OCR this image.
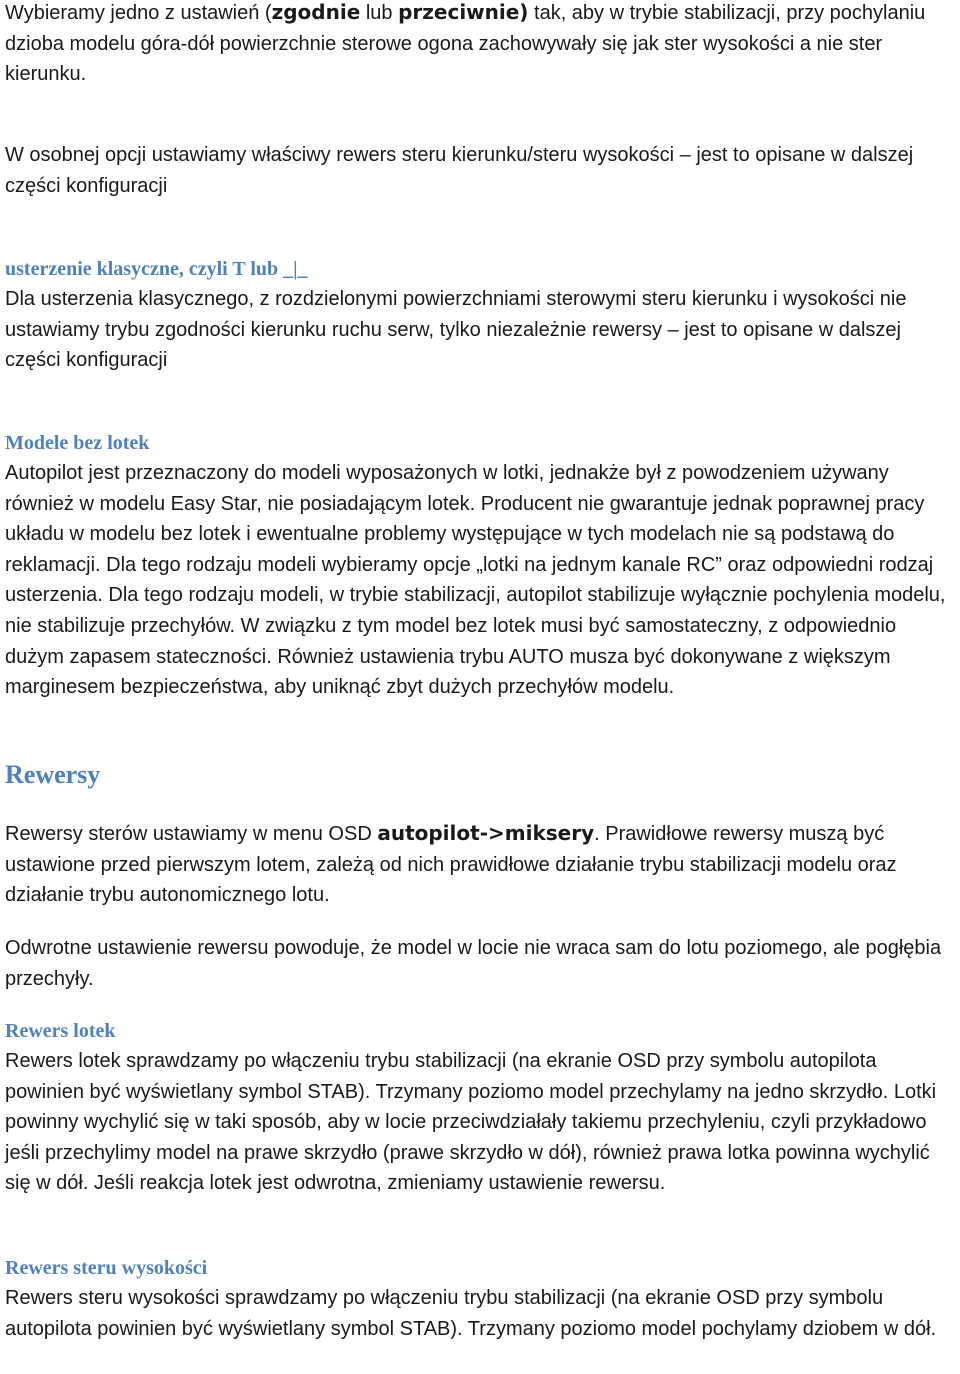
Wybieramy jedno z ustawień (zgodnie lub przeciwnie) tak, aby w trybie stabilizacji, przy pochylaniu dzioba modelu góra-dół powierzchnie sterowe ogona zachowywały się jak ster wysokości a nie ster kierunku.

W osobnej opcji ustawiamy właściwy rewers steru kierunku/steru wysokości – jest to opisane w dalszej części konfiguracji

usterzenie klasyczne, czyli T lub _|_

Dla usterzenia klasycznego, z rozdzielonymi powierzchniami sterowymi steru kierunku i wysokości nie ustawiamy trybu zgodności kierunku ruchu serw, tylko niezależnie rewersy – jest to opisane w dalszej części konfiguracji

Modele bez lotek

Autopilot jest przeznaczony do modeli wyposażonych w lotki, jednakże był z powodzeniem używany również w modelu Easy Star, nie posiadającym lotek. Producent nie gwarantuje jednak poprawnej pracy układu w modelu bez lotek i ewentualne problemy występujące w tych modelach nie są podstawą do reklamacji. Dla tego rodzaju modeli wybieramy opcje „lotki na jednym kanale RC” oraz odpowiedni rodzaj usterzenia. Dla tego rodzaju modeli, w trybie stabilizacji, autopilot stabilizuje wyłącznie pochylenia modelu, nie stabilizuje przechyłów. W związku z tym model bez lotek musi być samostateczny, z odpowiednio dużym zapasem stateczności. Również ustawienia trybu AUTO musza być dokonywane z większym marginesem bezpieczeństwa, aby uniknąć zbyt dużych przechyłów modelu.

Rewersy

Rewersy sterów ustawiamy w menu OSD autopilot->miksery. Prawidłowe rewersy muszą być ustawione przed pierwszym lotem, zależą od nich prawidłowe działanie trybu stabilizacji modelu oraz działanie trybu autonomicznego lotu.

Odwrotne ustawienie rewersu powoduje, że model w locie nie wraca sam do lotu poziomego, ale pogłębia przechyły.

Rewers lotek

Rewers lotek sprawdzamy po włączeniu trybu stabilizacji (na ekranie OSD przy symbolu autopilota powinien być wyświetlany symbol STAB). Trzymany poziomo model przechylamy na jedno skrzydło. Lotki powinny wychylić się w taki sposób, aby w locie przeciwdziałały takiemu przechyleniu, czyli przykładowo jeśli przechylimy model na prawe skrzydło (prawe skrzydło w dół), również prawa lotka powinna wychylić się w dół. Jeśli reakcja lotek jest odwrotna, zmieniamy ustawienie rewersu.

Rewers steru wysokości

Rewers steru wysokości sprawdzamy po włączeniu trybu stabilizacji (na ekranie OSD przy symbolu autopilota powinien być wyświetlany symbol STAB). Trzymany poziomo model pochylamy dziobem w dół.
